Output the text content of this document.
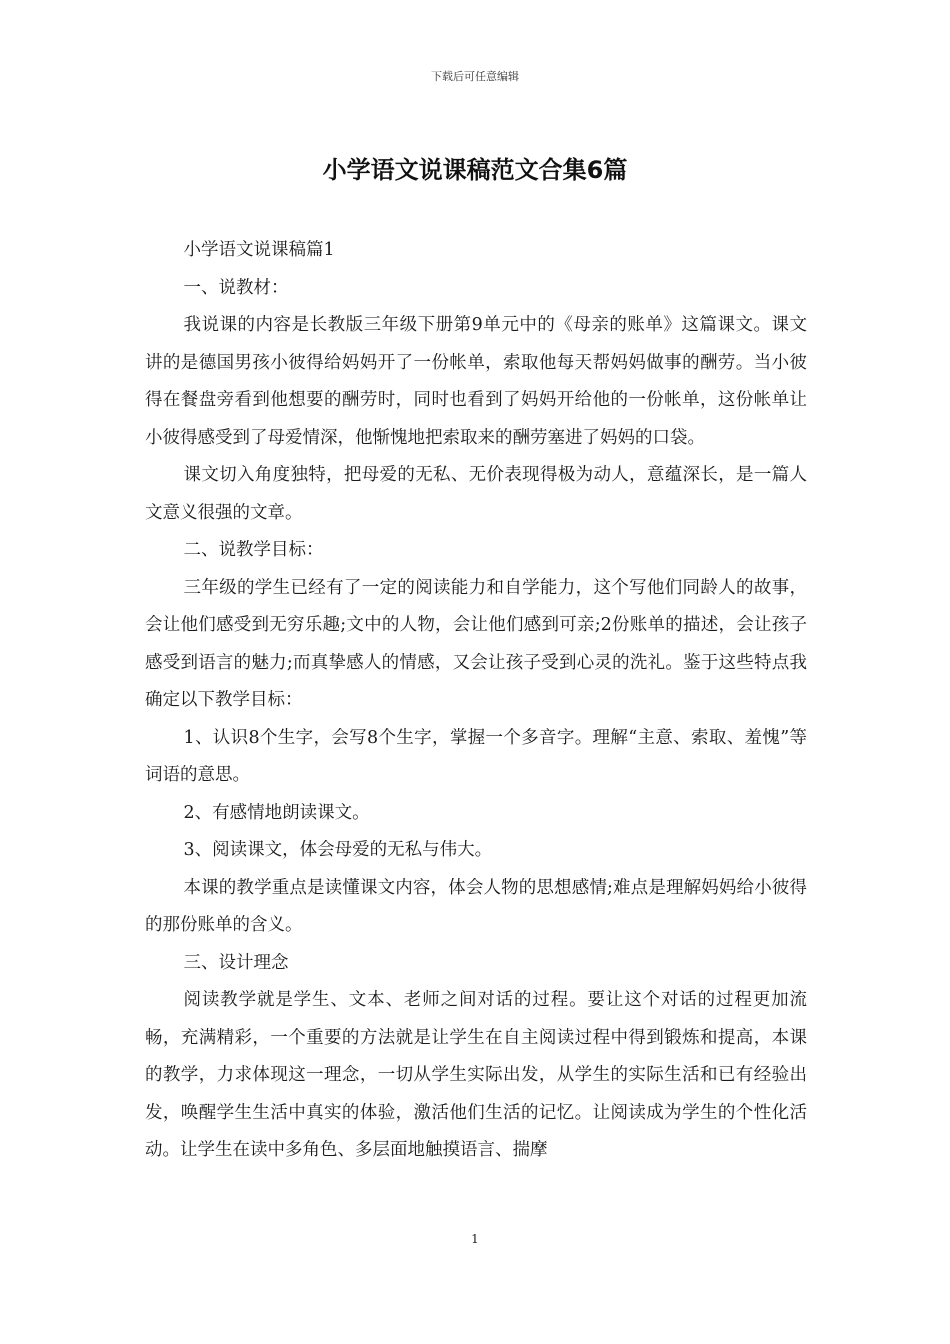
下载后可任意编辑
小学语文说课稿范文合集6篇

小学语文说课稿篇1

一、说教材：

我说课的内容是长教版三年级下册第9单元中的《母亲的账单》这篇课文。课文讲的是德国男孩小彼得给妈妈开了一份帐单，索取他每天帮妈妈做事的酬劳。当小彼得在餐盘旁看到他想要的酬劳时，同时也看到了妈妈开给他的一份帐单，这份帐单让小彼得感受到了母爱情深，他惭愧地把索取来的酬劳塞进了妈妈的口袋。

课文切入角度独特，把母爱的无私、无价表现得极为动人，意蕴深长，是一篇人文意义很强的文章。

二、说教学目标：

三年级的学生已经有了一定的阅读能力和自学能力，这个写他们同龄人的故事，会让他们感受到无穷乐趣;文中的人物，会让他们感到可亲;2份账单的描述，会让孩子感受到语言的魅力;而真挚感人的情感，又会让孩子受到心灵的洗礼。鉴于这些特点我确定以下教学目标：

1、认识8个生字，会写8个生字，掌握一个多音字。理解“主意、索取、羞愧”等词语的意思。

2、有感情地朗读课文。

3、阅读课文，体会母爱的无私与伟大。

本课的教学重点是读懂课文内容，体会人物的思想感情;难点是理解妈妈给小彼得的那份账单的含义。

三、设计理念

阅读教学就是学生、文本、老师之间对话的过程。要让这个对话的过程更加流畅，充满精彩，一个重要的方法就是让学生在自主阅读过程中得到锻炼和提高，本课的教学，力求体现这一理念，一切从学生实际出发，从学生的实际生活和已有经验出发，唤醒学生生活中真实的体验，激活他们生活的记忆。让阅读成为学生的个性化活动。让学生在读中多角色、多层面地触摸语言、揣摩

1
